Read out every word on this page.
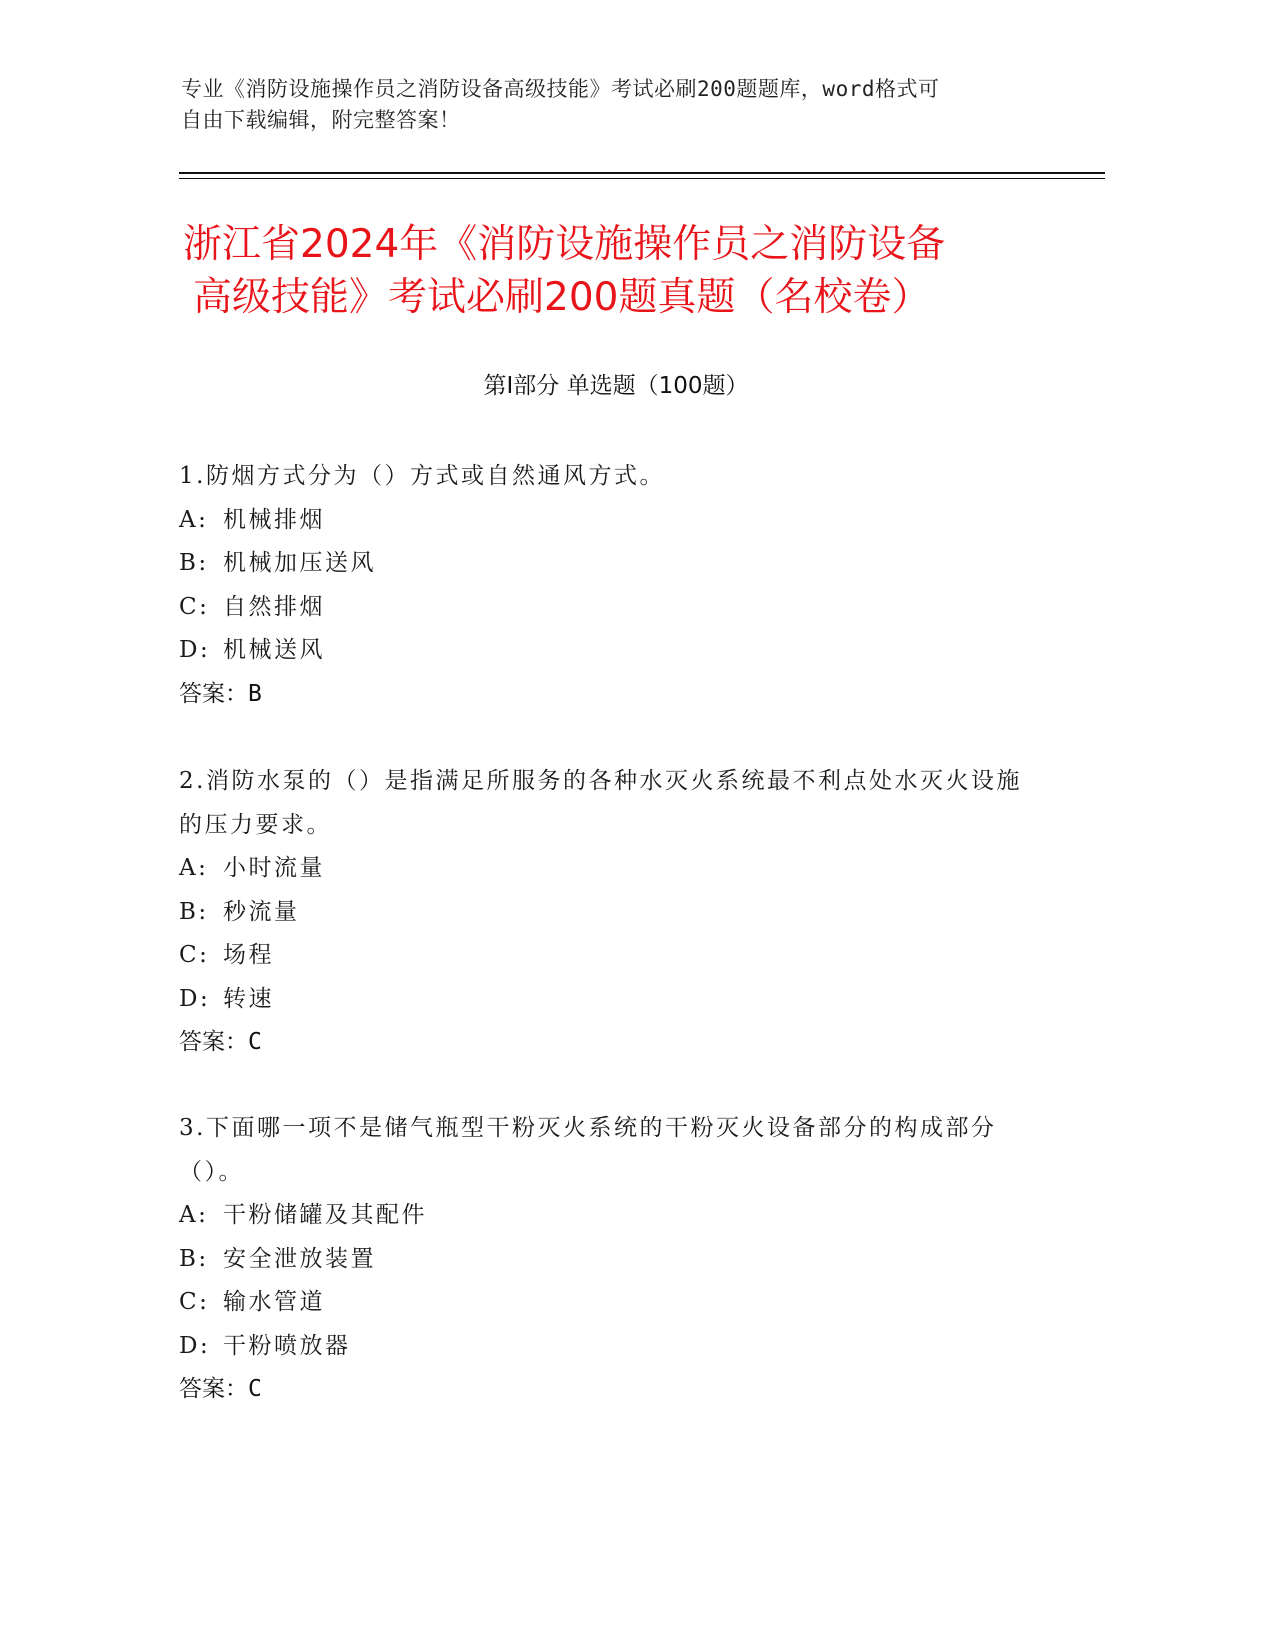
专业《消防设施操作员之消防设备高级技能》考试必刷200题题库，word格式可
自由下载编辑，附完整答案！
浙江省2024年《消防设施操作员之消防设备
高级技能》考试必刷200题真题（名校卷）
第Ⅰ部分 单选题（100题）
1.防烟方式分为（）方式或自然通风方式。
A: 机械排烟
B: 机械加压送风
C: 自然排烟
D: 机械送风
答案：B
2.消防水泵的（）是指满足所服务的各种水灭火系统最不利点处水灭火设施的压力要求。
A: 小时流量
B: 秒流量
C: 场程
D: 转速
答案：C
3.下面哪一项不是储气瓶型干粉灭火系统的干粉灭火设备部分的构成部分（）。
A: 干粉储罐及其配件
B: 安全泄放装置
C: 输水管道
D: 干粉喷放器
答案：C
